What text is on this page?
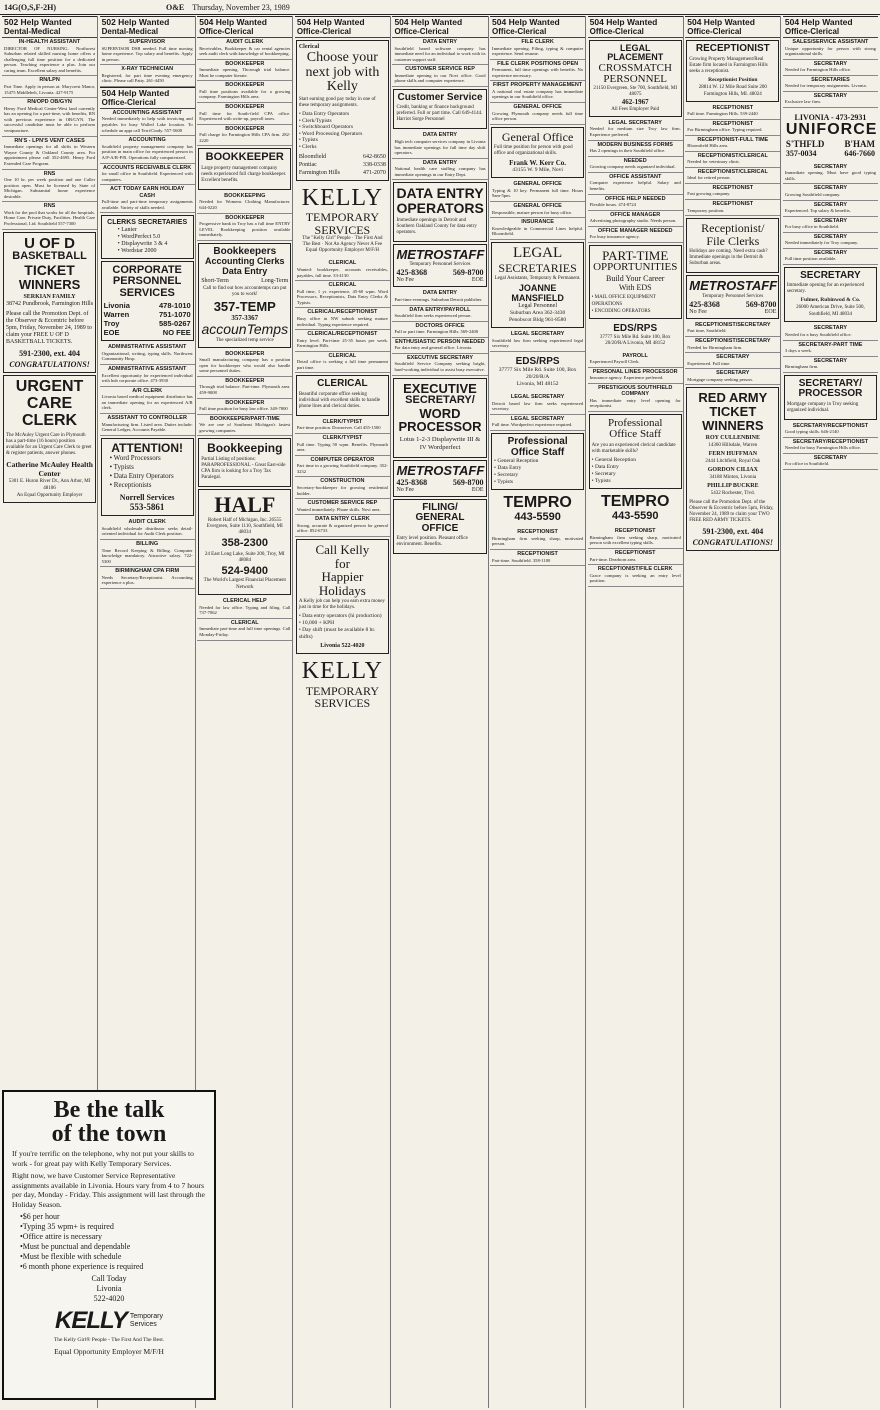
14G(O,S,F-2H)	O&E Thursday, November 23, 1989
502 Help Wanted
Dental-Medical
IN-HEALTH ASSISTANT

DIRECTOR OF NURSING. Northwest Suburban related skilled nursing home offers a challenging full time position for a dedicated person. Teaching experience a plus. Join our caring team. Excellent salary and benefits.

RN/LPN

Part Time. Apply in person at: Marycrest Manor, 15475 Middlebelt, Livonia. 427-9175

RN/OPD OB/GYN

Henry Ford Medical Center-West land currently has an opening for a part-time, with benefits, RN with previous experience in OB/GYN. The successful candidate must be able to perform venipuncture.

RN'S - LPN'S VENT CASES

Immediate openings for all shifts in Western Wayne County & Oakland County area. For appointment please call 352-4695. Henry Ford Extended Care Program.

RNS

One 10 hr. per week position and one Caller position open. Must be licensed by State of Michigan. Substantial home experience desirable.

RNS

Work for the pool that works for all the hospitals. Home Care, Private Duty, Facilities. Health Care Professional, Ltd. Southfield 557-7300

U OF D
BASKETBALL
TICKET
WINNERS
SERKIAN FAMILY
38742 Pundbrook, Farmington Hills

Please call the Promotion Dept. of the Observer & Eccentric before 5pm, Friday, November 24, 1989 to claim your FREE U OF D BASKETBALL TICKETS.

591-2300, ext. 404
CONGRATULATIONS!
URGENT
CARE
CLERK

The McAuley Urgent Care in Plymouth has a part-time (16 hours) position available for an Urgent Care Clerk to greet & register patients, answer phones.

Catherine McAuley Health Center
5301 E. Huron River Dr., Ann Arbor, MI 48106
An Equal Opportunity Employer
502 Help Wanted
Dental-Medical
SUPERVISOR

SUPERVISOR DSR needed. Full time nursing home experience. Top salary and benefits. Apply in person.

X-RAY TECHNICIAN

Registered, for part time evening emergency clinic. Please call Patty. 261-4450

504 Help Wanted
Office-Clerical
ACCOUNTING ASSISTANT

Needed immediately to help with invoicing and payables for busy Walled Lake location. To schedule an appt call Terri/Cindy. 557-5600

ACCOUNTING

Southfield property management company has position in main office for experienced person in A/P-A/R-P/R. Operations fully computerized.

ACCOUNTS RECEIVABLE CLERK

for small office in Southfield. Experienced with computers.

ACT TODAY EARN HOLIDAY CASH

Full-time and part-time temporary assignments available. Variety of skills needed.

CLERKS SECRETARIES
• Lanier
• WordPerfect 5.0
• Displaywrite 3 & 4
• Wordstar 2000
CORPORATE
PERSONNEL
SERVICES
Livonia	478-1010
Warren	751-1070
Troy	585-0267
EOE	NO FEE
ADMINISTRATIVE ASSISTANT

Organizational, writing, typing skills. Northwest Community Hosp.

ADMINISTRATIVE ASSISTANT

Excellent opportunity for experienced individual with hub corporate office. 473-3930

A/R CLERK

Livonia based medical equipment distributor has an immediate opening for an experienced A/R clerk.

ASSISTANT TO CONTROLLER

Manufacturing firm. Listed area. Duties include: General Ledger, Accounts Payable.

ATTENTION!
• Word Processors
• Typists
• Data Entry Operators
• Receptionists
Norrell Services
553-5861
AUDIT CLERK

Southfield wholesale distributor seeks detail-oriented individual for Audit Clerk position.

BILLING

Time Record Keeping & Billing. Computer knowledge mandatory. Attractive salary. 722-5300

BIRMINGHAM CPA FIRM

Needs Secretary/Receptionist. Accounting experience a plus.

504 Help Wanted
Office-Clerical
AUDIT CLERK

Receivables, Bookkeeper & car rental agencies seek audit clerk with knowledge of bookkeeping.

BOOKKEEPER

Immediate opening. Thorough trial balance. Must be computer literate.

BOOKKEEPER

Full time positions available for a growing company. Farmington Hills area.

BOOKKEEPER

Full time for South-field CPA office. Experienced with write-up, payroll taxes.

BOOKKEEPER

Full charge for Farmington Hills CPA firm. 282-2220

BOOKKEEPER

Large property management company needs experienced full charge bookkeeper. Excellent benefits.

BOOKKEEPING

Needed for Womens Clothing Manufacturer. 644-0220

BOOKKEEPER

Progressive bank in Troy has a full time ENTRY LEVEL Bookkeeping position available immediately.

Bookkeepers
Accounting Clerks
Data Entry
Short-Term	Long-Term

Call to find out how accountemps can put you to work!

357-TEMP
357-3367
accounTemps
The specialized temp service
BOOKKEEPER

Small manufacturing company has a position open for bookkeeper who would also handle some personnel duties.

BOOKKEEPER

Through trial balance. Part-time. Plymouth area. 459-9008

BOOKKEEPER

Full time position for busy law office. 349-7800

BOOKKEEPER/PART-TIME

We are one of Southeast Michigan's fastest growing companies.

Bookkeeping

Partial Listing of positions: PARAPROFESSIONAL - Great East-side CPA firm is looking for a Troy Tax Paralegal.

HALF

Robert Half of Michigan, Inc. 26555 Evergreen, Suite 1110, Southfield, MI 48034

358-2300

24 East Long Lake, Suite 200, Troy, MI 48084

524-9400
The World's Largest Financial Placement Network
CLERICAL HELP

Needed for law office. Typing and filing. Call 737-7062

CLERICAL

Immediate part-time and full time openings. Call Monday-Friday.

504 Help Wanted
Office-Clerical
Clerical
Choose your next job with Kelly

Start earning good pay today in one of these temporary assignments.

• Data Entry Operators
• Clerk/Typists
• Switchboard Operators
• Word Processing Operators
• Typists
• Clerks
Bloomfield	642-8650
Pontiac	338-0338
Farmington Hills	471-2070
KELLY
TEMPORARY
SERVICES
The "Kelly Girl" People · The First And The Best · Not An Agency Never A Fee
Equal Opportunity Employer M/F/H
CLERICAL

Wanted: bookkeeper, accounts receivables, payables, full time. 33-4130

CLERICAL

Full time, 1 yr. experience, 45-60 wpm. Word Processors, Receptionists, Data Entry Clerks & Typists.

CLERICAL/RECEPTIONIST

Busy office in NW suburb seeking mature individual. Typing experience required.

CLERICAL/RECEPTIONIST

Entry level. Part-time 25-35 hours per week. Farmington Hills.

CLERICAL

Detail office is seeking a full time permanent part time.

CLERICAL

Beautiful corporate office seeking individual with excellent skills to handle phone lines and clerical duties.

CLERK/TYPIST

Part-time position. Downriver. Call 455-1500

CLERK/TYPIST

Full time. Typing 50 wpm. Benefits. Plymouth area.

COMPUTER OPERATOR

Part time in a growing Southfield company. 352-3232

CONSTRUCTION

Secretary-bookkeeper for growing residential builder.

CUSTOMER SERVICE REP

Wanted immediately. Phone skills. Novi area.

DATA ENTRY CLERK

Strong, accurate & organized person for general office. 852-6733

Call Kelly
for
Happier
Holidays

A Kelly job can help you earn extra money just in time for the holidays.

• Data entry operators (hi production)
• 10,000 + KPH
• Day shift (must be available 8 hr. shifts)
Livonia 522-4020
KELLY
TEMPORARY
SERVICES
504 Help Wanted
Office-Clerical
DATA ENTRY

Southfield based software company has immediate need for an individual to work with its customer support staff.

CUSTOMER SERVICE REP

Immediate opening in our Novi office. Good phone skills and computer experience.

Customer Service

Credit, banking or finance background preferred. Full or part time. Call 649-4144. Harriot Sorge Personnel

DATA ENTRY

High tech computer services company in Livonia has immediate openings for full time day shift operators.

DATA ENTRY

National health care staffing company has immediate openings in our Entry Dept.

DATA ENTRY
OPERATORS

Immediate openings in Detroit and Southern Oakland County for data entry operators.

METROSTAFF
Temporary Personnel Services
425-8368	569-8700
No Fee	EOE
DATA ENTRY

Part-time evenings. Suburban Detroit publisher.

DATA ENTRY/PAYROLL

Southfield firm seeks experienced person.

DOCTORS OFFICE

Full or part time. Farmington Hills. 569-2400

ENTHUSIASTIC PERSON NEEDED

For data entry and general office. Livonia.

EXECUTIVE SECRETARY

Southfield Service Company seeking bright, hard-working individual to assist busy executive.

EXECUTIVE
SECRETARY/
WORD
PROCESSOR

Lotus 1-2-3 Displaywrite III & IV Wordperfect

METROSTAFF
425-8368	569-8700
No Fee	EOE
FILING/
GENERAL OFFICE

Entry level position. Pleasant office environment. Benefits.

504 Help Wanted
Office-Clerical
FILE CLERK

Immediate opening. Filing, typing & computer experience. Send resume.

FILE CLERK POSITIONS OPEN

Permanent, full time openings with benefits. No experience necessary.

FIRST PROPERTY MANAGEMENT

A national real estate company has immediate openings in our Southfield office.

GENERAL OFFICE

Growing Plymouth company needs full time office person.

General Office

Full time position for person with good office and organizational skills.

Frank W. Kerr Co.
43155 W. 9 Mile, Novi
GENERAL OFFICE

Typing & 10 key. Permanent full time. Hours 9am-5pm.

GENERAL OFFICE

Responsible, mature person for busy office.

INSURANCE

Knowledgeable in Commercial Lines helpful. Bloomfield.

LEGAL
SECRETARIES

Legal Assistants, Temporary & Permanent.

JOANNE MANSFIELD
Legal Personnel
Suburban Area 362-3430
Penobscot Bldg 961-8580
LEGAL SECRETARY

Southfield law firm seeking experienced legal secretary.

EDS/RPS
37777 Six Mile Rd. Suite 100, Box 20/20/R/A
Livonia, MI 48152
LEGAL SECRETARY

Detroit based law firm seeks experienced secretary.

LEGAL SECRETARY

Full time. Wordperfect experience required.

Professional
Office Staff
• General Reception
• Data Entry
• Secretary
• Typists
TEMPRO
443-5590
RECEPTIONIST

Birmingham firm seeking sharp, motivated person.

RECEPTIONIST

Part-time. Southfield. 358-1100

504 Help Wanted
Office-Clerical
LEGAL PLACEMENT
CROSSMATCH
PERSONNEL
21150 Evergreen, Ste 700, Southfield, MI 48075
462-1967
All Fees Employer Paid
LEGAL SECRETARY

Needed for medium size Troy law firm. Experience preferred.

MODERN BUSINESS FORMS

Has 2 openings in their Southfield office.

NEEDED

Growing company needs organized individual.

OFFICE ASSISTANT

Computer experience helpful. Salary and benefits.

OFFICE HELP NEEDED

Flexible hours. 474-8724

OFFICE MANAGER

Advertising photography studio. Needs person.

OFFICE MANAGER NEEDED

For busy insurance agency.

PART-TIME
OPPORTUNITIES
Build Your Career
With EDS
• MAIL OFFICE EQUIPMENT OPERATIONS
• ENCODING OPERATORS
EDS/RPS
37777 Six Mile Rd. Suite 100, Box 20/20/R/A Livonia, MI 48152
PAYROLL

Experienced Payroll Clerk.

PERSONAL LINES PROCESSOR

Insurance agency. Experience preferred.

PRESTIGIOUS SOUTHFIELD COMPANY

Has immediate entry level opening for receptionist.

Professional
Office Staff

Are you an experienced clerical candidate with marketable skills?

• General Reception
• Data Entry
• Secretary
• Typists
TEMPRO
443-5590
RECEPTIONIST

Birmingham firm seeking sharp, motivated person with excellent typing skills.

RECEPTIONIST

Part-time. Dearborn area.

RECEPTIONIST/FILE CLERK

Grace company is seeking an entry level position.

504 Help Wanted
Office-Clerical
RECEPTIONIST

Growing Property Management/Real Estate firm located in Farmington Hills seeks a receptionist.

Receptionist Position
28814 W. 12 Mile Road Suite 200
Farmington Hills, MI. 48024
RECEPTIONIST

Full time. Farmington Hills. 539-2440

RECEPTIONIST

For Birmingham office. Typing required.

RECEPTIONIST-FULL TIME

Bloomfield Hills area.

RECEPTIONIST/CLERICAL

Needed for veterinary clinic.

RECEPTIONIST/CLERICAL

Ideal for retired person.

RECEPTIONIST

Fast growing company.

RECEPTIONIST

Temporary position.

Receptionist/
File Clerks

Holidays are coming. Need extra cash? Immediate openings in the Detroit & Suburban areas.

METROSTAFF
Temporary Personnel Services
425-8368	569-8700
No Fee	EOE
RECEPTIONIST/SECRETARY

Part time, Southfield.

RECEPTIONIST/SECRETARY

Needed for Birmingham firm.

SECRETARY

Experienced. Full time.

SECRETARY

Mortgage company seeking person.

RED ARMY
TICKET
WINNERS
ROY CULLENBINE
14360 Hillsdale, Warren
FERN HUFFMAN
2444 Litchfield, Royal Oak
GORDON CILIAX
34188 Minton, Livonia
PHILLIP BUCKRE
5432 Rochester, Tlvd.

Please call the Promotion Dept. of the Observer & Eccentric before 5pm, Friday, November 24, 1989 to claim your TWO FREE RED ARMY TICKETS.

591-2300, ext. 404
CONGRATULATIONS!
504 Help Wanted
Office-Clerical
SALES/SERVICE ASSISTANT

Unique opportunity for person with strong organizational skills.

SECRETARY

Needed for Farmington Hills office.

SECRETARIES

Needed for temporary assignments. Livonia.

SECRETARY

Exclusive law firm.

LIVONIA - 473-2931
UNIFORCE
S'THFLD B'HAM
357-0034	646-7660
SECRETARY

Immediate opening. Must have good typing skills.

SECRETARY

Growing Southfield company.

SECRETARY

Experienced. Top salary & benefits.

SECRETARY

For busy office in Southfield.

SECRETARY

Needed immediately for Troy company.

SECRETARY

Full time position available.

SECRETARY

Immediate opening for an experienced secretary.

Fulmer, Rubinwod & Co.
26000 American Drive, Suite 500, Southfield, MI 48034
SECRETARY

Needed for a busy Southfield office.

SECRETARY-PART TIME

3 days a week.

SECRETARY

Birmingham firm.

SECRETARY/
PROCESSOR

Mortgage company in Troy seeking organized individual.

SECRETARY/RECEPTIONIST

Good typing skills. 646-2140

SECRETARY/RECEPTIONIST

Needed for busy Farmington Hills office.

SECRETARY

For office in Southfield.

Be the talk
of the town

If you're terrific on the telephone, why not put your skills to work - for great pay with Kelly Temporary Services.

Right now, we have Customer Service Representative assignments available in Livonia. Hours vary from 4 to 7 hours per day, Monday - Friday. This assignment will last through the Holiday Season.

•$6 per hour
•Typing 35 wpm+ is required
•Office attire is necessary
•Must be punctual and dependable
•Must be flexible with schedule
•6 month phone experience is required
Call Today
Livonia
522-4020
KELLY Temporary
Services
The Kelly Girl® People - The First And The Best.
Equal Opportunity Employer M/F/H
